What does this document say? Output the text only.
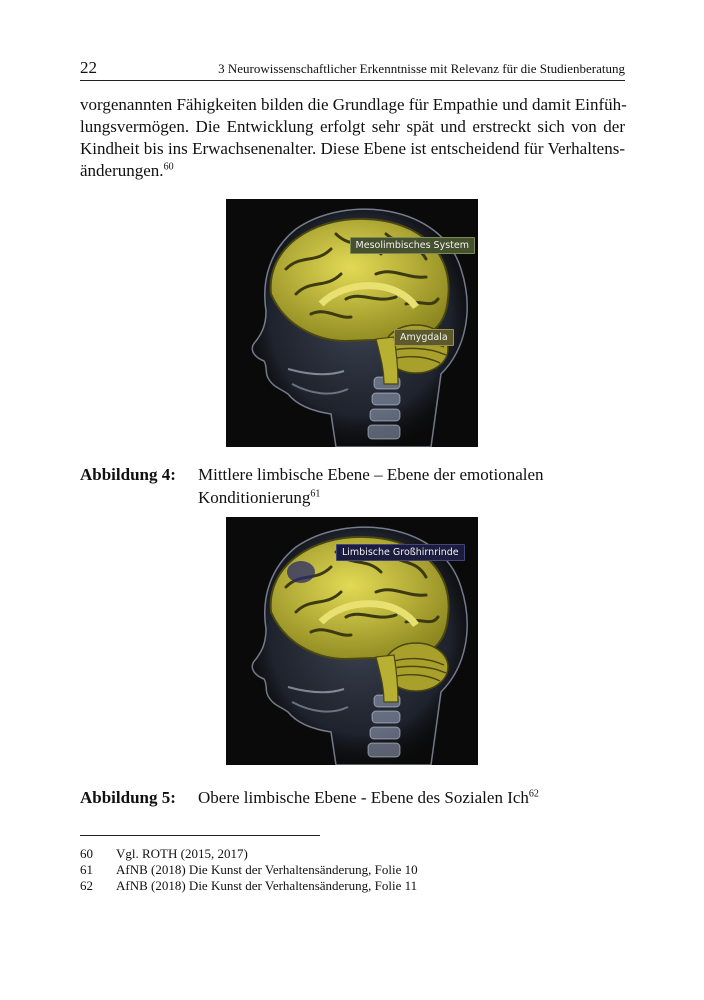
22	3 Neurowissenschaftlicher Erkenntnisse mit Relevanz für die Studienberatung
vorgenannten Fähigkeiten bilden die Grundlage für Empathie und damit Einfüh-
lungsvermögen. Die Entwicklung erfolgt sehr spät und erstreckt sich von der
Kindheit bis ins Erwachsenenalter. Diese Ebene ist entscheidend für Verhaltens-
änderungen.$^{60}$
Mesolimbisches System
Amygdala
Abbildung 4: Mittlere limbische Ebene – Ebene der emotionalen
Konditionierung$^{61}$
Limbische Großhirnrinde
Abbildung 5: Obere limbische Ebene - Ebene des Sozialen Ich$^{62}$
60 Vgl. ROTH (2015, 2017)
61 AfNB (2018) Die Kunst der Verhaltensänderung, Folie 10
62 AfNB (2018) Die Kunst der Verhaltensänderung, Folie 11
